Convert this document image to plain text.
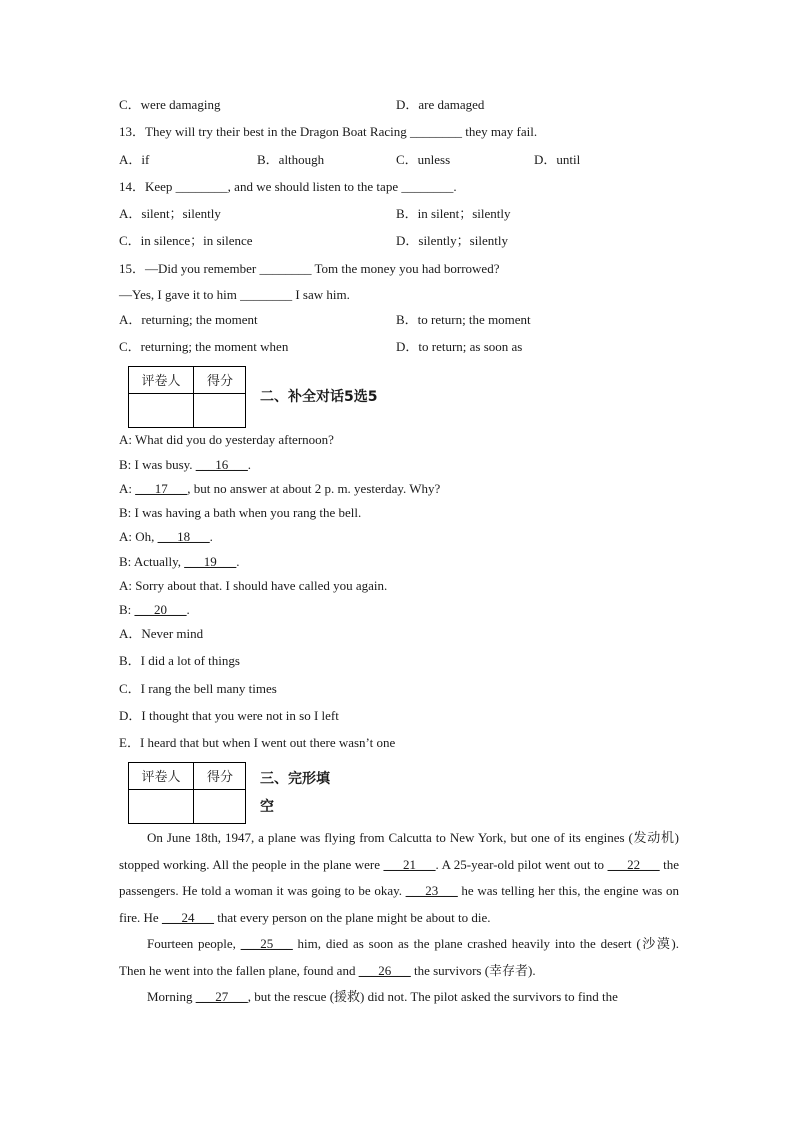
C．were damaging	D．are damaged
13．They will try their best in the Dragon Boat Racing ________ they may fail.
A．if	B．although	C．unless	D．until
14．Keep ________, and we should listen to the tape ________.
A．silent；silently	B．in silent；silently
C．in silence；in silence	D．silently；silently
15．—Did you remember ________ Tom the money you had borrowed?
—Yes, I gave it to him ________ I saw him.
A．returning; the moment	B．to return; the moment
C．returning; the moment when	D．to return; as soon as
评卷人	得分
二、补全对话5选5
A: What did you do yesterday afternoon?
B: I was busy. ___16___.
A: ___17___, but no answer at about 2 p. m. yesterday. Why?
B: I was having a bath when you rang the bell.
A: Oh, ___18___.
B: Actually, ___19___.
A: Sorry about that. I should have called you again.
B: ___20___.
A．Never mind
B．I did a lot of things
C．I rang the bell many times
D．I thought that you were not in so I left
E．I heard that but when I went out there wasn’t one
评卷人	得分	三、完形填
空

On June 18th, 1947, a plane was flying from Calcutta to New York, but one of its engines (发动机) stopped working. All the people in the plane were ___21___. A 25-year-old pilot went out to ___22___ the passengers. He told a woman it was going to be okay. ___23___ he was telling her this, the engine was on fire. He ___24___ that every person on the plane might be about to die.

Fourteen people, ___25___ him, died as soon as the plane crashed heavily into the desert (沙漠). Then he went into the fallen plane, found and ___26___ the survivors (幸存者).

Morning ___27___, but the rescue (援救) did not. The pilot asked the survivors to find the
